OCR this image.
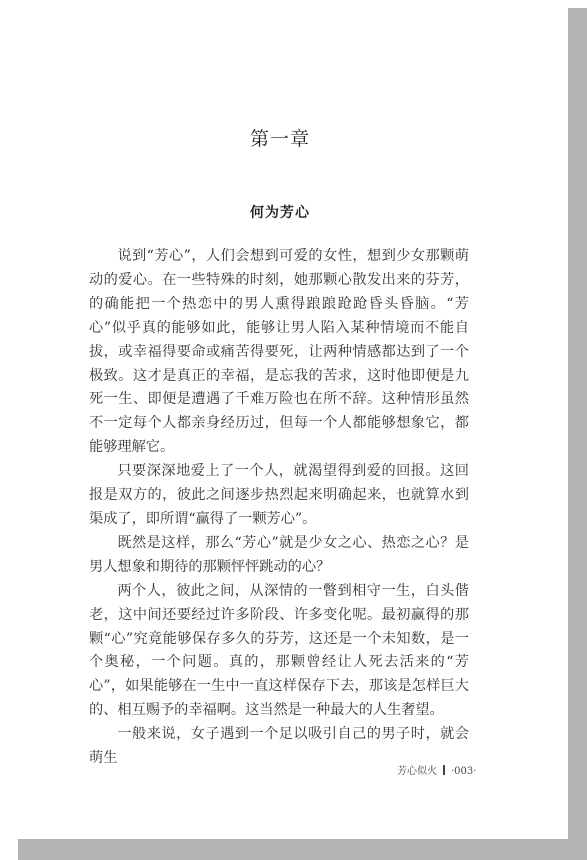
第一章
何为芳心

说到“芳心”，人们会想到可爱的女性，想到少女那颗萌动的爱心。在一些特殊的时刻，她那颗心散发出来的芬芳，的确能把一个热恋中的男人熏得踉踉跄跄昏头昏脑。“芳心”似乎真的能够如此，能够让男人陷入某种情境而不能自拔，或幸福得要命或痛苦得要死，让两种情感都达到了一个极致。这才是真正的幸福，是忘我的苦求，这时他即便是九死一生、即便是遭遇了千难万险也在所不辞。这种情形虽然不一定每个人都亲身经历过，但每一个人都能够想象它，都能够理解它。

只要深深地爱上了一个人，就渴望得到爱的回报。这回报是双方的，彼此之间逐步热烈起来明确起来，也就算水到渠成了，即所谓“赢得了一颗芳心”。

既然是这样，那么“芳心”就是少女之心、热恋之心？是男人想象和期待的那颗怦怦跳动的心？

两个人，彼此之间，从深情的一瞥到相守一生，白头偕老，这中间还要经过许多阶段、许多变化呢。最初赢得的那颗“心”究竟能够保存多久的芬芳，这还是一个未知数，是一个奥秘，一个问题。真的，那颗曾经让人死去活来的“芳心”，如果能够在一生中一直这样保存下去，那该是怎样巨大的、相互赐予的幸福啊。这当然是一种最大的人生奢望。

一般来说，女子遇到一个足以吸引自己的男子时，就会萌生

芳心似火 ·003·
